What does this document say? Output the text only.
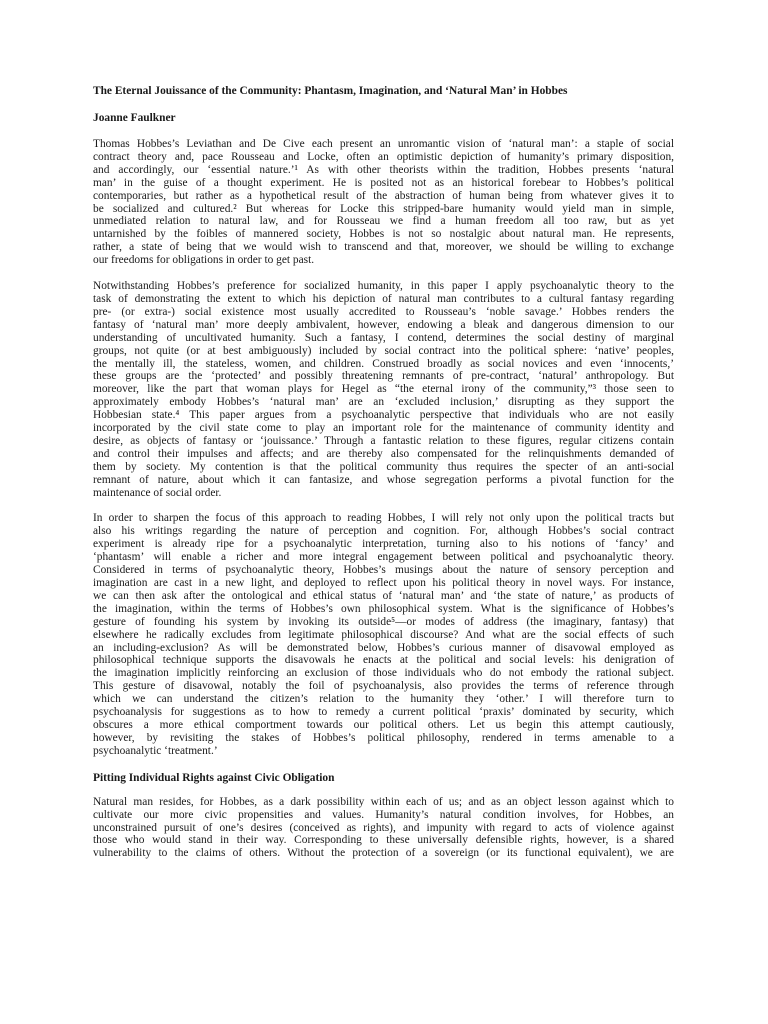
The Eternal Jouissance of the Community: Phantasm, Imagination, and ‘Natural Man’ in Hobbes
Joanne Faulkner
Thomas Hobbes’s Leviathan and De Cive each present an unromantic vision of ‘natural man’: a staple of social
contract theory and, pace Rousseau and Locke, often an optimistic depiction of humanity’s primary disposition,
and accordingly, our ‘essential nature.’¹ As with other theorists within the tradition, Hobbes presents ‘natural
man’ in the guise of a thought experiment. He is posited not as an historical forebear to Hobbes’s political
contemporaries, but rather as a hypothetical result of the abstraction of human being from whatever gives it to
be socialized and cultured.² But whereas for Locke this stripped-bare humanity would yield man in simple,
unmediated relation to natural law, and for Rousseau we find a human freedom all too raw, but as yet
untarnished by the foibles of mannered society, Hobbes is not so nostalgic about natural man. He represents,
rather, a state of being that we would wish to transcend and that, moreover, we should be willing to exchange
our freedoms for obligations in order to get past.
Notwithstanding Hobbes’s preference for socialized humanity, in this paper I apply psychoanalytic theory to the
task of demonstrating the extent to which his depiction of natural man contributes to a cultural fantasy regarding
pre- (or extra-) social existence most usually accredited to Rousseau’s ‘noble savage.’ Hobbes renders the
fantasy of ‘natural man’ more deeply ambivalent, however, endowing a bleak and dangerous dimension to our
understanding of uncultivated humanity. Such a fantasy, I contend, determines the social destiny of marginal
groups, not quite (or at best ambiguously) included by social contract into the political sphere: ‘native’ peoples,
the mentally ill, the stateless, women, and children. Construed broadly as social novices and even ‘innocents,’
these groups are the ‘protected’ and possibly threatening remnants of pre-contract, ‘natural’ anthropology. But
moreover, like the part that woman plays for Hegel as “the eternal irony of the community,”³ those seen to
approximately embody Hobbes’s ‘natural man’ are an ‘excluded inclusion,’ disrupting as they support the
Hobbesian state.⁴ This paper argues from a psychoanalytic perspective that individuals who are not easily
incorporated by the civil state come to play an important role for the maintenance of community identity and
desire, as objects of fantasy or ‘jouissance.’ Through a fantastic relation to these figures, regular citizens contain
and control their impulses and affects; and are thereby also compensated for the relinquishments demanded of
them by society. My contention is that the political community thus requires the specter of an anti-social
remnant of nature, about which it can fantasize, and whose segregation performs a pivotal function for the
maintenance of social order.
In order to sharpen the focus of this approach to reading Hobbes, I will rely not only upon the political tracts but
also his writings regarding the nature of perception and cognition. For, although Hobbes’s social contract
experiment is already ripe for a psychoanalytic interpretation, turning also to his notions of ‘fancy’ and
‘phantasm’ will enable a richer and more integral engagement between political and psychoanalytic theory.
Considered in terms of psychoanalytic theory, Hobbes’s musings about the nature of sensory perception and
imagination are cast in a new light, and deployed to reflect upon his political theory in novel ways. For instance,
we can then ask after the ontological and ethical status of ‘natural man’ and ‘the state of nature,’ as products of
the imagination, within the terms of Hobbes’s own philosophical system. What is the significance of Hobbes’s
gesture of founding his system by invoking its outside⁵—or modes of address (the imaginary, fantasy) that
elsewhere he radically excludes from legitimate philosophical discourse? And what are the social effects of such
an including-exclusion? As will be demonstrated below, Hobbes’s curious manner of disavowal employed as
philosophical technique supports the disavowals he enacts at the political and social levels: his denigration of
the imagination implicitly reinforcing an exclusion of those individuals who do not embody the rational subject.
This gesture of disavowal, notably the foil of psychoanalysis, also provides the terms of reference through
which we can understand the citizen’s relation to the humanity they ‘other.’ I will therefore turn to
psychoanalysis for suggestions as to how to remedy a current political ‘praxis’ dominated by security, which
obscures a more ethical comportment towards our political others. Let us begin this attempt cautiously,
however, by revisiting the stakes of Hobbes’s political philosophy, rendered in terms amenable to a
psychoanalytic ‘treatment.’
Pitting Individual Rights against Civic Obligation
Natural man resides, for Hobbes, as a dark possibility within each of us; and as an object lesson against which to
cultivate our more civic propensities and values. Humanity’s natural condition involves, for Hobbes, an
unconstrained pursuit of one’s desires (conceived as rights), and impunity with regard to acts of violence against
those who would stand in their way. Corresponding to these universally defensible rights, however, is a shared
vulnerability to the claims of others. Without the protection of a sovereign (or its functional equivalent), we are
